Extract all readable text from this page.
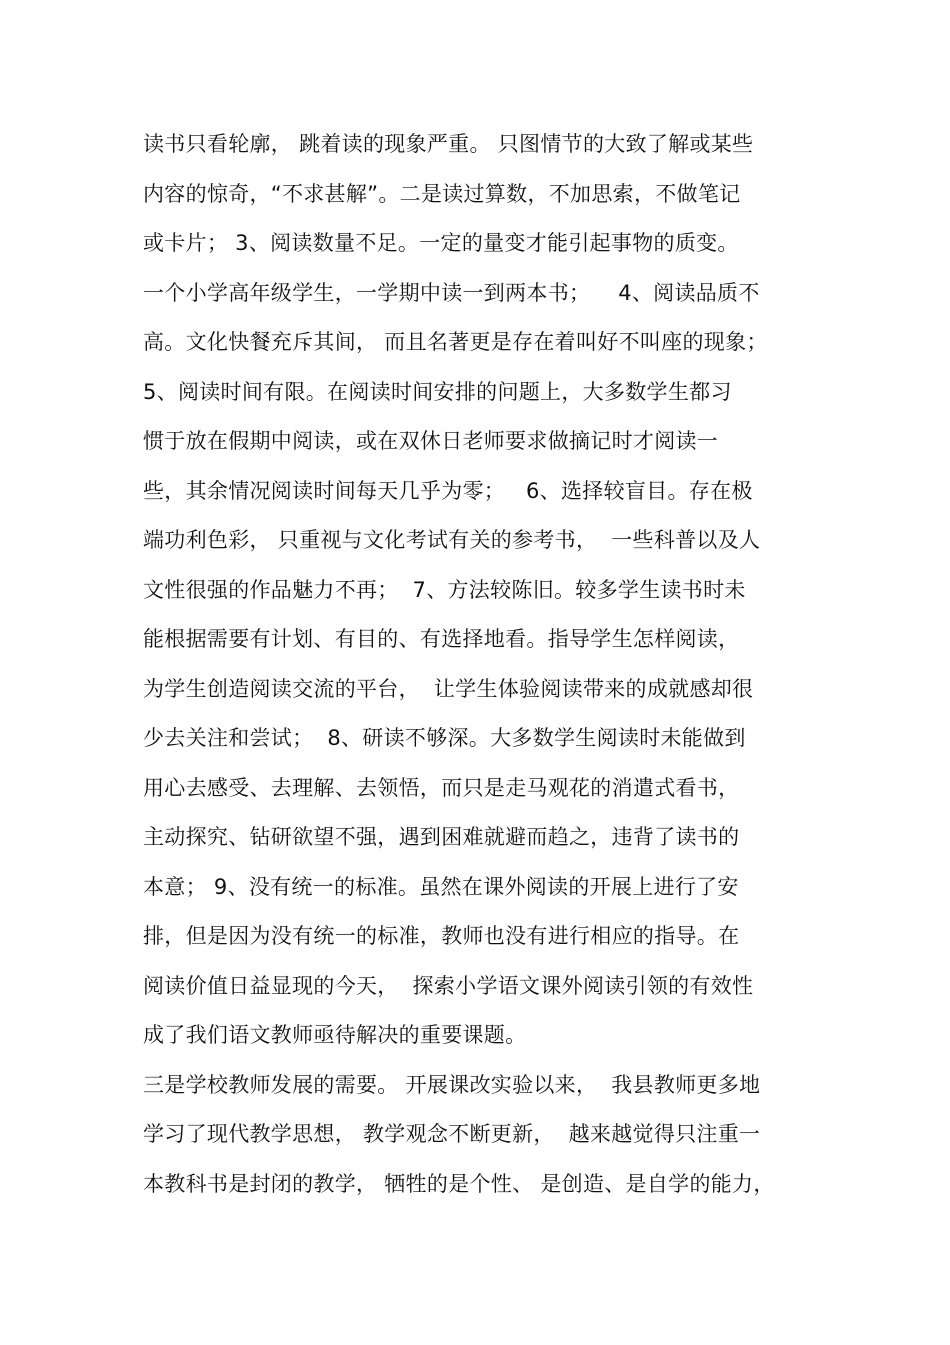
读书只看轮廓， 跳着读的现象严重。 只图情节的大致了解或某些
内容的惊奇，“不求甚解”。二是读过算数，不加思索，不做笔记
或卡片； 3、阅读数量不足。一定的量变才能引起事物的质变。
一个小学高年级学生，一学期中读一到两本书；    4、阅读品质不
高。文化快餐充斥其间， 而且名著更是存在着叫好不叫座的现象；
5、阅读时间有限。在阅读时间安排的问题上，大多数学生都习
惯于放在假期中阅读，或在双休日老师要求做摘记时才阅读一
些，其余情况阅读时间每天几乎为零；   6、选择较盲目。存在极
端功利色彩， 只重视与文化考试有关的参考书，  一些科普以及人
文性很强的作品魅力不再；  7、方法较陈旧。较多学生读书时未
能根据需要有计划、有目的、有选择地看。指导学生怎样阅读，
为学生创造阅读交流的平台，  让学生体验阅读带来的成就感却很
少去关注和尝试；  8、研读不够深。大多数学生阅读时未能做到
用心去感受、去理解、去领悟，而只是走马观花的消遣式看书，
主动探究、钻研欲望不强，遇到困难就避而趋之，违背了读书的
本意； 9、没有统一的标准。虽然在课外阅读的开展上进行了安
排，但是因为没有统一的标准，教师也没有进行相应的指导。在
阅读价值日益显现的今天，  探索小学语文课外阅读引领的有效性
成了我们语文教师亟待解决的重要课题。
三是学校教师发展的需要。 开展课改实验以来，  我县教师更多地
学习了现代教学思想， 教学观念不断更新，  越来越觉得只注重一
本教科书是封闭的教学， 牺牲的是个性、 是创造、是自学的能力，
